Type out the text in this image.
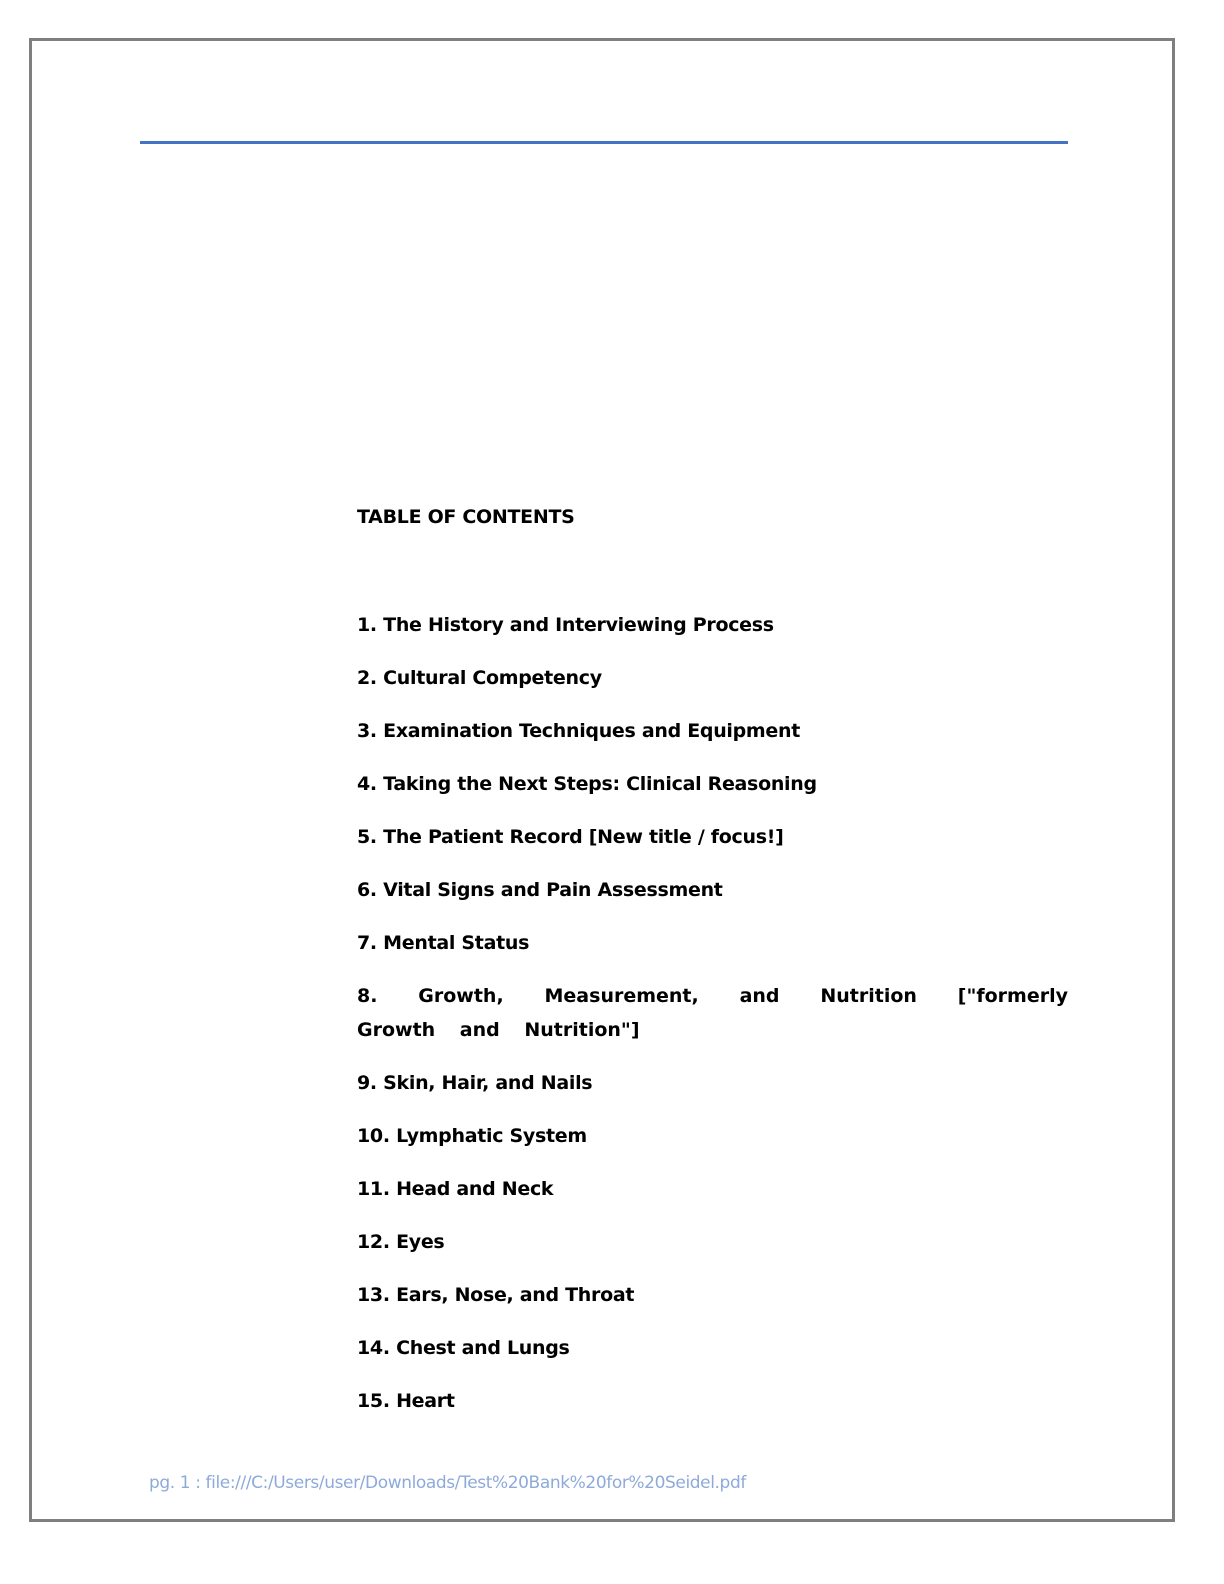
TABLE OF CONTENTS
1. The History and Interviewing Process
2. Cultural Competency
3. Examination Techniques and Equipment
4. Taking the Next Steps: Clinical Reasoning
5. The Patient Record [New title / focus!]
6. Vital Signs and Pain Assessment
7. Mental Status
8. Growth, Measurement, and Nutrition ["formerly Growth and Nutrition"]
9. Skin, Hair, and Nails
10. Lymphatic System
11. Head and Neck
12. Eyes
13. Ears, Nose, and Throat
14. Chest and Lungs
15. Heart
pg. 1 : file:///C:/Users/user/Downloads/Test%20Bank%20for%20Seidel.pdf
